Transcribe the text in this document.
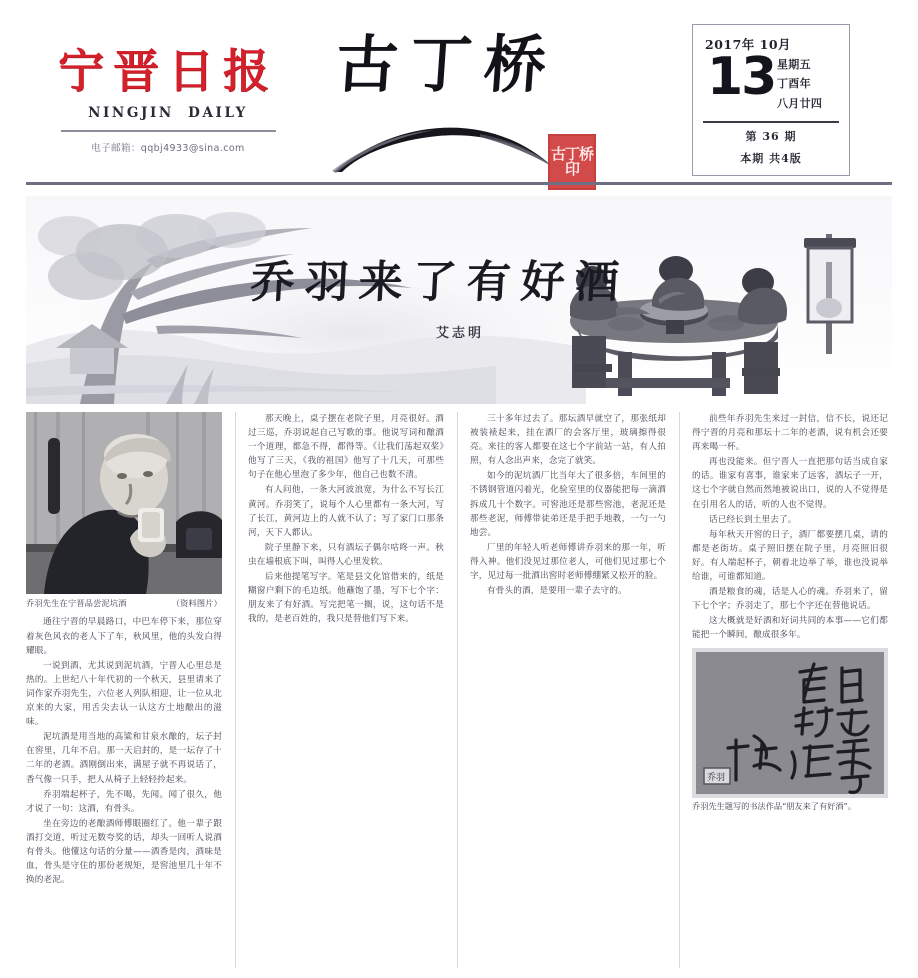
宁晋日报
NINGJIN DAILY
电子邮箱：qqbj4933@sina.com
古丁桥
古丁桥印
2017年 10月
13 星期五
丁酉年
八月廿四
第 36 期
本期 共4版
乔羽来了有好酒
艾志明
（资料图片）
乔羽先生在宁晋品尝泥坑酒

通往宁晋的早晨路口，中巴车停下来，那位穿着灰色风衣的老人下了车，秋风里，他的头发白得耀眼。

一说到酒，尤其说到泥坑酒，宁晋人心里总是热的。上世纪八十年代初的一个秋天，县里请来了词作家乔羽先生，六位老人列队相迎，让一位从北京来的大家，用舌尖去认一认这方土地酿出的滋味。

泥坑酒是用当地的高粱和甘泉水酿的，坛子封在窖里，几年不启。那一天启封的，是一坛存了十二年的老酒。酒刚倒出来，满屋子就不再说话了，香气像一只手，把人从椅子上轻轻拎起来。

乔羽端起杯子，先不喝，先闻。闻了很久，他才说了一句：这酒，有骨头。

坐在旁边的老酿酒师傅眼圈红了。他一辈子跟酒打交道，听过无数夸奖的话，却头一回听人说酒有骨头。他懂这句话的分量——酒香是肉，酒味是血，骨头是守住的那份老规矩，是窖池里几十年不换的老泥。

那天晚上，桌子摆在老院子里，月亮很好。酒过三巡，乔羽说起自己写歌的事。他说写词和酿酒一个道理，都急不得，都得等。《让我们荡起双桨》他写了三天，《我的祖国》他写了十几天，可那些句子在他心里泡了多少年，他自己也数不清。

有人问他，一条大河波浪宽，为什么不写长江黄河。乔羽笑了，说每个人心里都有一条大河，写了长江，黄河边上的人就不认了；写了家门口那条河，天下人都认。

院子里静下来，只有酒坛子偶尔咕咚一声。秋虫在墙根底下叫，叫得人心里发软。

后来他提笔写字。笔是县文化馆借来的，纸是糊窗户剩下的毛边纸。他蘸饱了墨，写下七个字：朋友来了有好酒。写完把笔一搁，说，这句话不是我的，是老百姓的，我只是替他们写下来。

三十多年过去了。那坛酒早就空了，那张纸却被装裱起来，挂在酒厂的会客厅里，玻璃擦得很亮。来往的客人都要在这七个字前站一站，有人拍照，有人念出声来，念完了就笑。

如今的泥坑酒厂比当年大了很多倍，车间里的不锈钢管道闪着光，化验室里的仪器能把每一滴酒拆成几十个数字。可窖池还是那些窖池，老泥还是那些老泥，师傅带徒弟还是手把手地教，一勺一勺地尝。

厂里的年轻人听老师傅讲乔羽来的那一年，听得入神。他们没见过那位老人，可他们见过那七个字，见过每一批酒出窖时老师傅绷紧又松开的脸。

有骨头的酒，是要用一辈子去守的。

前些年乔羽先生来过一封信，信不长，说还记得宁晋的月亮和那坛十二年的老酒，说有机会还要再来喝一杯。

再也没能来。但宁晋人一直把那句话当成自家的话。谁家有喜事，谁家来了远客，酒坛子一开，这七个字就自然而然地被说出口，说的人不觉得是在引用名人的话，听的人也不觉得。

话已经长到土里去了。

每年秋天开窖的日子，酒厂都要摆几桌，请的都是老街坊。桌子照旧摆在院子里，月亮照旧很好。有人端起杯子，朝着北边举了举，谁也没说举给谁，可谁都知道。

酒是粮食的魂，话是人心的魂。乔羽来了，留下七个字；乔羽走了，那七个字还在替他说话。

这大概就是好酒和好词共同的本事——它们都能把一个瞬间，酿成很多年。

乔羽
乔羽先生题写的书法作品“朋友来了有好酒”。
